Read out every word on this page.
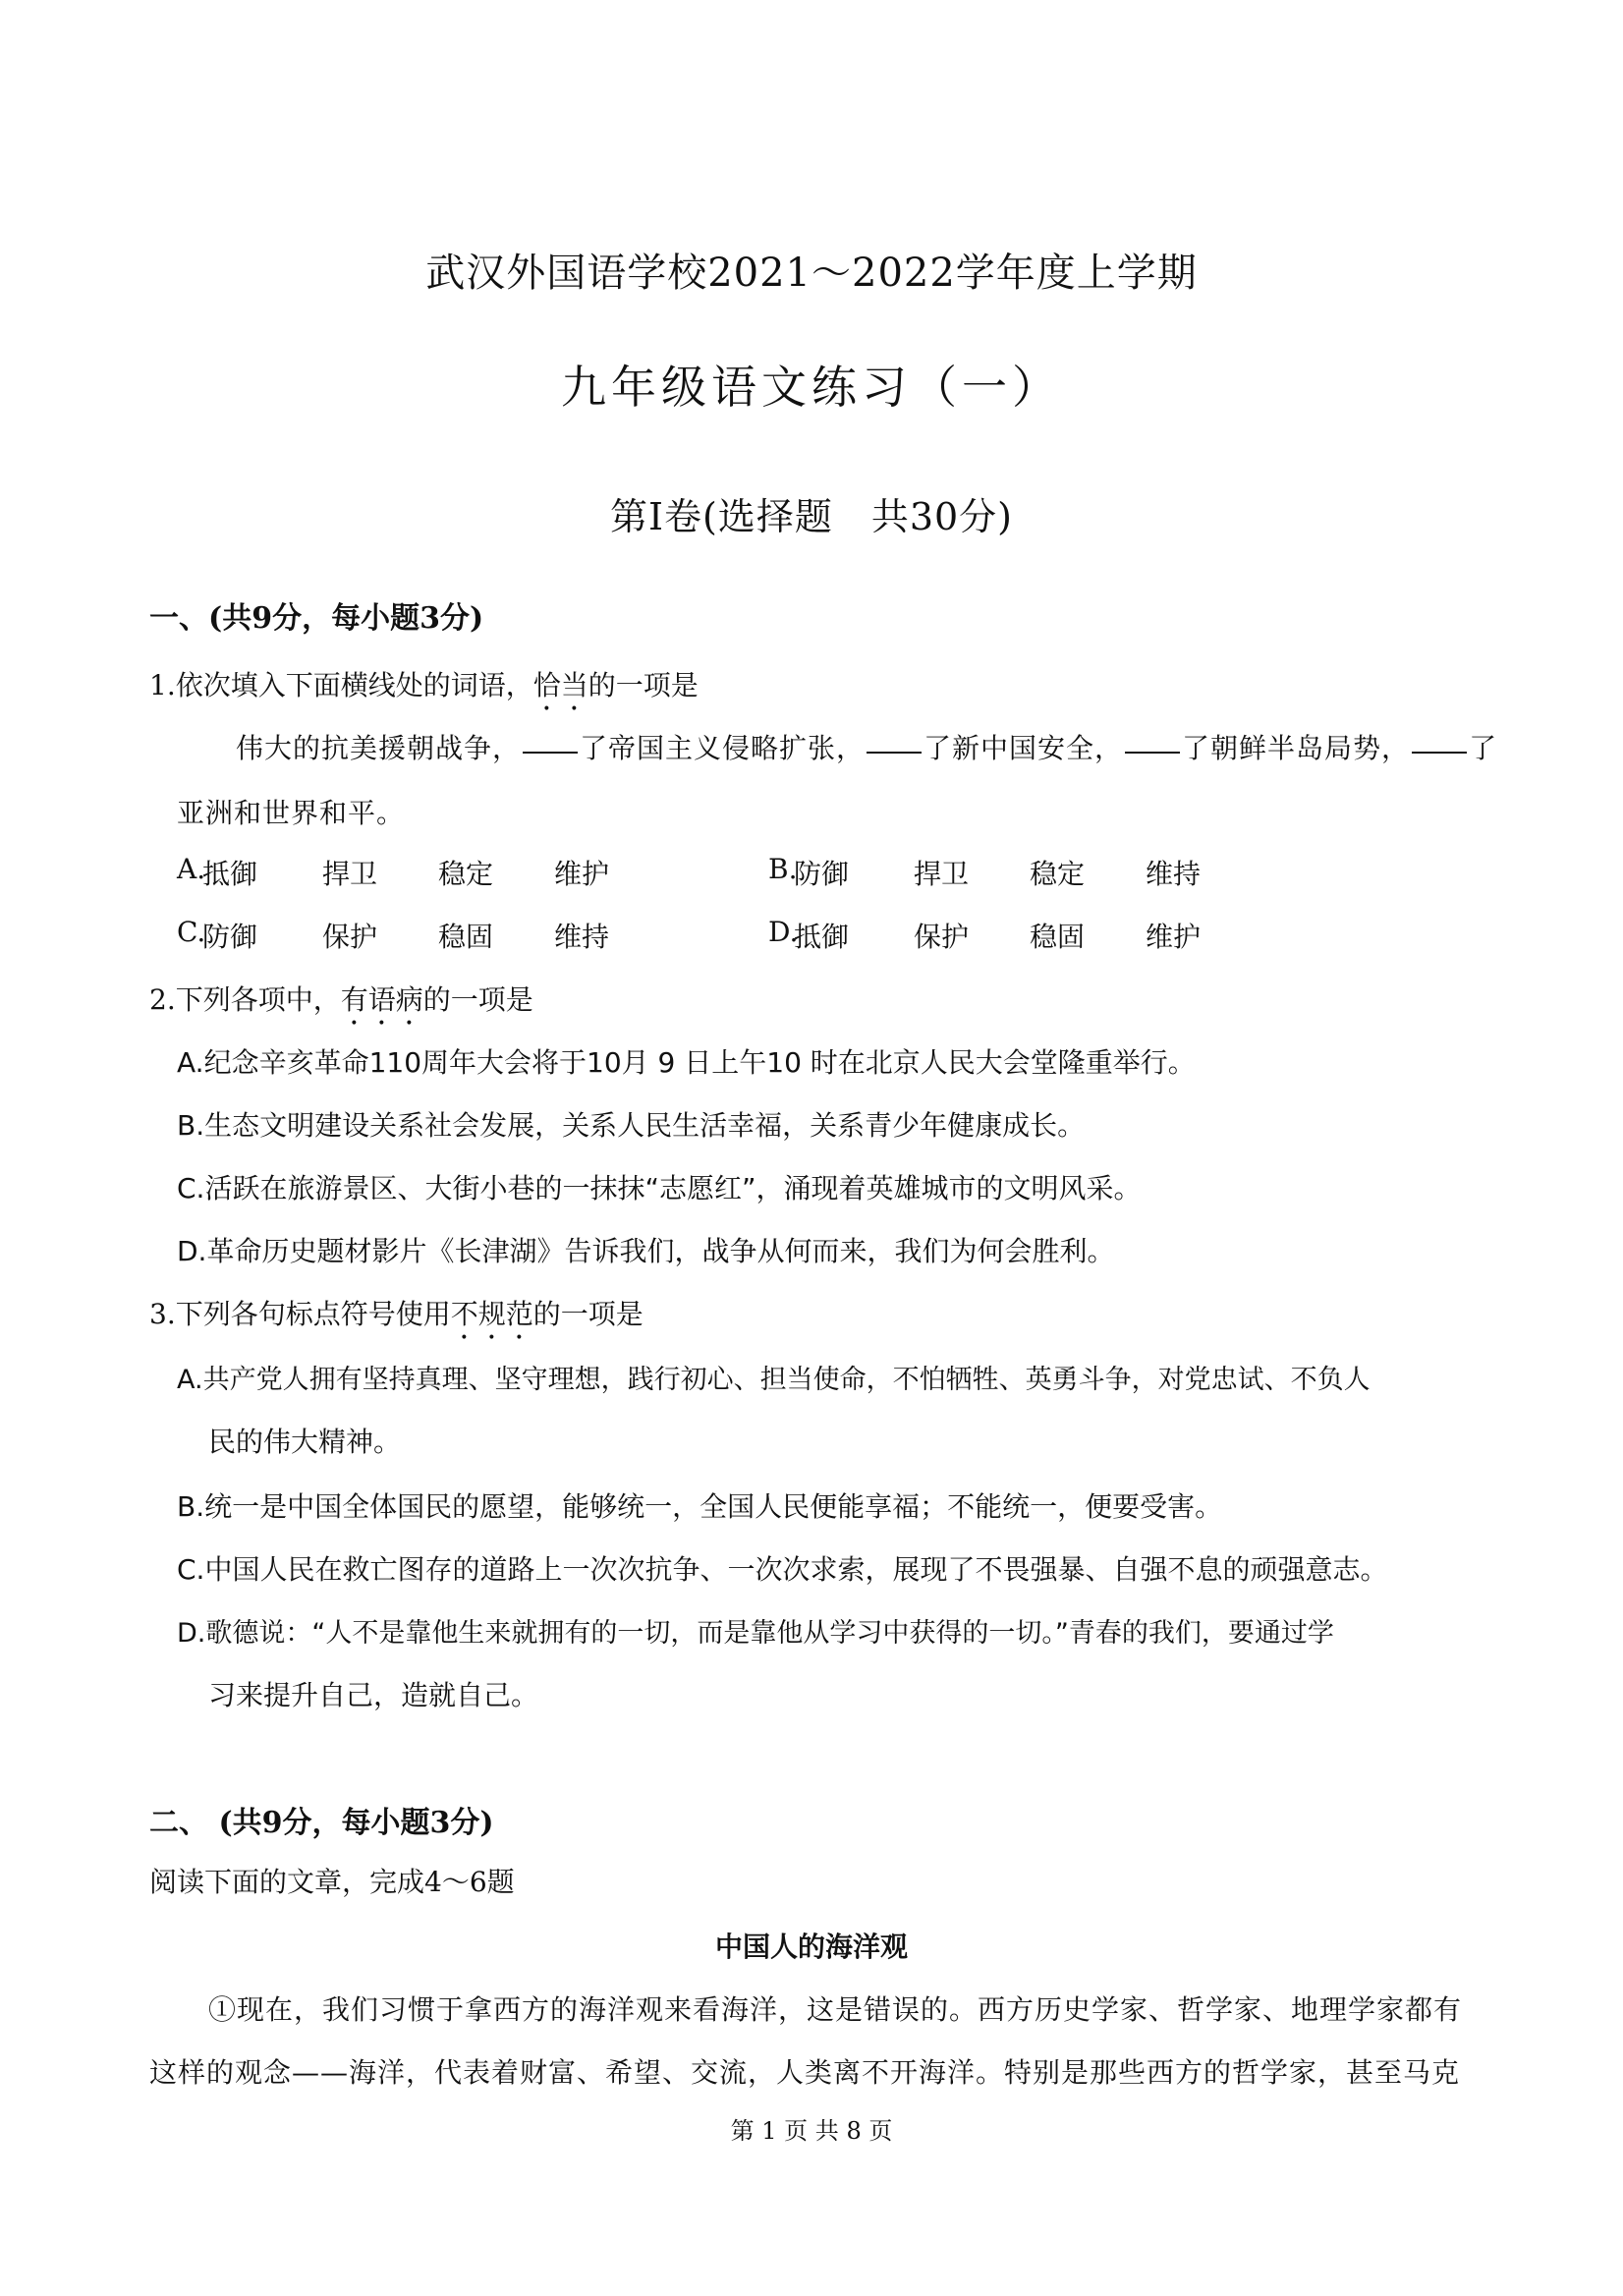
武汉外国语学校2021～2022学年度上学期
九年级语文练习（一）
第Ⅰ卷(选择题　共30分)
一、(共9分，每小题3分)
1.依次填入下面横线处的词语，恰当的一项是
伟大的抗美援朝战争， 了帝国主义侵略扩张， 了新中国安全， 了朝鲜半岛局势， 了
亚洲和世界和平。
A.
抵御 捍卫 稳定 维护	B.
防御 捍卫 稳定 维持
C.
防御 保护 稳固 维持	D.
抵御 保护 稳固 维护
2.下列各项中，有语病的一项是
A.纪念辛亥革命110周年大会将于10月 9 日上午10 时在北京人民大会堂隆重举行。
B.生态文明建设关系社会发展，关系人民生活幸福，关系青少年健康成长。
C.活跃在旅游景区、大街小巷的一抹抹“志愿红”，涌现着英雄城市的文明风采。
D.革命历史题材影片《长津湖》告诉我们，战争从何而来，我们为何会胜利。
3.下列各句标点符号使用不规范的一项是
A.共产党人拥有坚持真理、坚守理想，践行初心、担当使命，不怕牺牲、英勇斗争，对党忠试、不负人
民的伟大精神。
B.统一是中国全体国民的愿望，能够统一，全国人民便能享福；不能统一，便要受害。
C.中国人民在救亡图存的道路上一次次抗争、一次次求索，展现了不畏强暴、自强不息的顽强意志。
D.歌德说：“人不是靠他生来就拥有的一切，而是靠他从学习中获得的一切。”青春的我们，要通过学
习来提升自己，造就自己。
二、 (共9分，每小题3分)
阅读下面的文章，完成4～6题
中国人的海洋观
①现在，我们习惯于拿西方的海洋观来看海洋，这是错误的。西方历史学家、哲学家、地理学家都有
这样的观念——海洋，代表着财富、希望、交流，人类离不开海洋。特别是那些西方的哲学家，甚至马克
第 1 页 共 8 页
